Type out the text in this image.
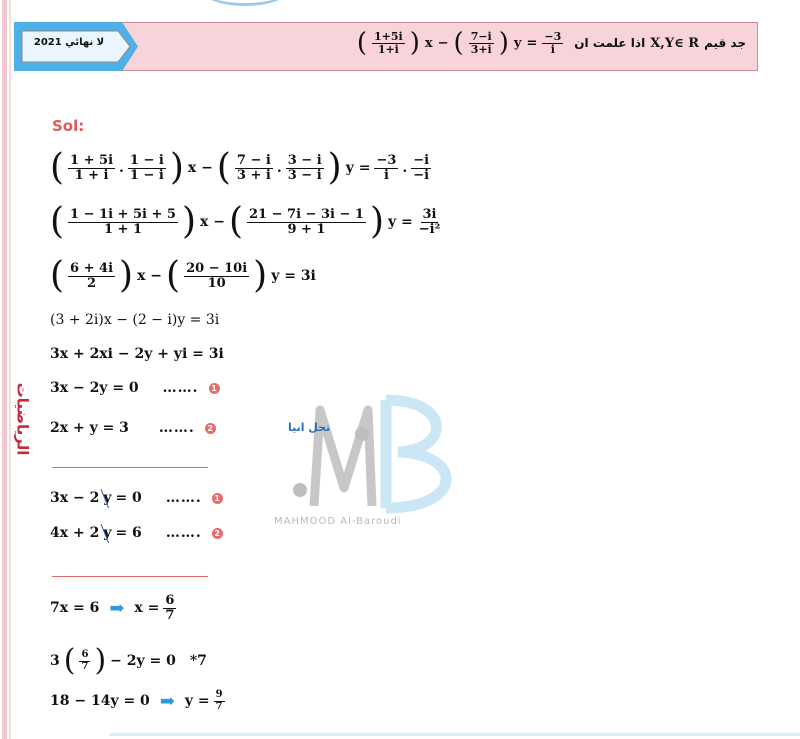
الرياضيات
2021 لا نهائي	( $\frac{1+5i}{1+i}$ ) x − ( $\frac{7-i}{3+i}$ ) $y = \frac{-3}{i}$ اذا علمت ان X,Y∈ R جد قيم
Sol:
( $\frac{1 + 5i}{1 + i}$ . $\frac{1 - i}{1 - i}$ ) x − ( $\frac{7 - i}{3 + i}$ . $\frac{3 - i}{3 - i}$ ) $y = \frac{-3}{i}$ . $\frac{-i}{-i}$
( $\frac{1 - 1i + 5i + 5}{1 + 1}$ ) x − ( $\frac{21 - 7i - 3i - 1}{9 + 1}$ ) $y = \frac{3i}{\text{−i²}}$
( $\frac{6 + 4i}{2}$ ) x − ( $\frac{20 - 10i}{10}$ ) y = 3i
(3 + 2i)x − (2 − i)y = 3i
3x + 2xi − 2y + yi = 3i
3x − 2y = 0 …….	1
2x + y = 3 …….	2
3x − 2 y = 0 …….	1
4x + 2 y = 6 …….	2
7x = 6 ➡ $x = \frac{6}{7}$
3 ( $\frac{6}{7}$ ) − 2y = 0 *7
18 − 14y = 0 ➡ $y = \frac{9}{7}$
تحل انيا
MAHMOOD Al-Baroudi
